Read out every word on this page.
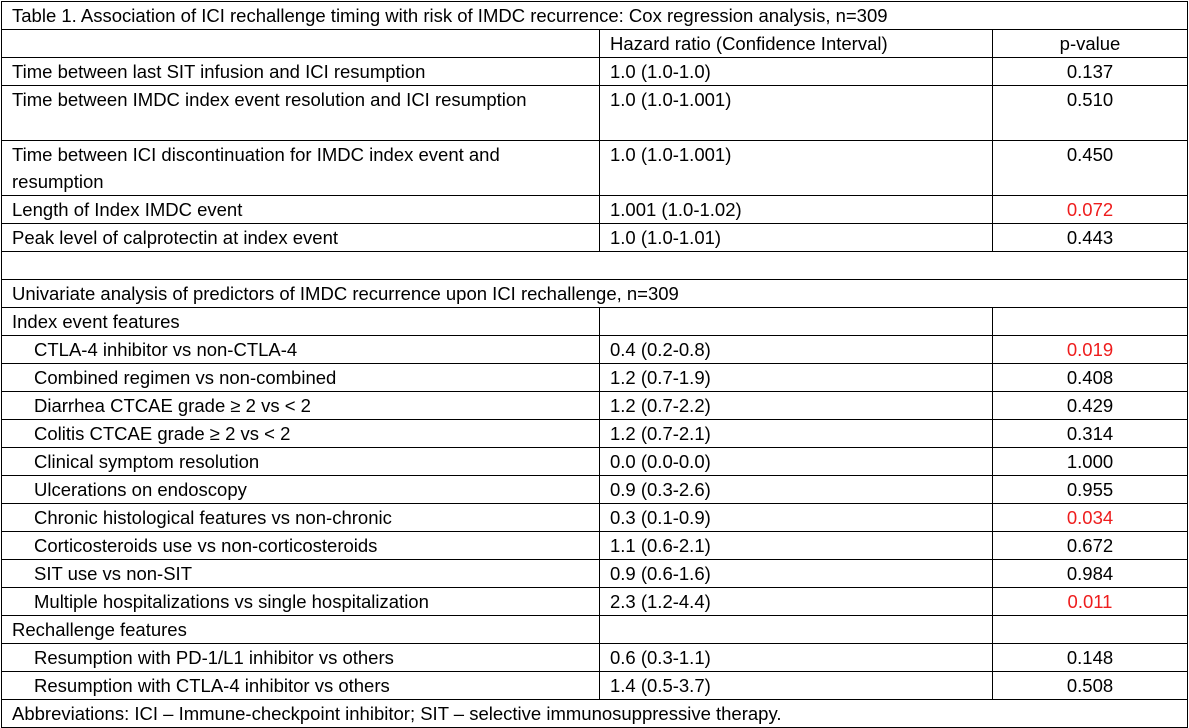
Table 1. Association of ICI rechallenge timing with risk of IMDC recurrence: Cox regression analysis, n=309		
	Hazard ratio (Confidence Interval)	p-value
Time between last SIT infusion and ICI resumption	1.0 (1.0-1.0)	0.137
Time between IMDC index event resolution and ICI resumption	1.0 (1.0-1.001)	0.510
Time between ICI discontinuation for IMDC index event and resumption	1.0 (1.0-1.001)	0.450
Length of Index IMDC event	1.001 (1.0-1.02)	0.072
Peak level of calprotectin at index event	1.0 (1.0-1.01)	0.443

Univariate analysis of predictors of IMDC recurrence upon ICI rechallenge, n=309		
Index event features		
CTLA-4 inhibitor vs non-CTLA-4	0.4 (0.2-0.8)	0.019
Combined regimen vs non-combined	1.2 (0.7-1.9)	0.408
Diarrhea CTCAE grade ≥ 2 vs < 2	1.2 (0.7-2.2)	0.429
Colitis CTCAE grade ≥ 2 vs < 2	1.2 (0.7-2.1)	0.314
Clinical symptom resolution	0.0 (0.0-0.0)	1.000
Ulcerations on endoscopy	0.9 (0.3-2.6)	0.955
Chronic histological features vs non-chronic	0.3 (0.1-0.9)	0.034
Corticosteroids use vs non-corticosteroids	1.1 (0.6-2.1)	0.672
SIT use vs non-SIT	0.9 (0.6-1.6)	0.984
Multiple hospitalizations vs single hospitalization	2.3 (1.2-4.4)	0.011
Rechallenge features		
Resumption with PD-1/L1 inhibitor vs others	0.6 (0.3-1.1)	0.148
Resumption with CTLA-4 inhibitor vs others	1.4 (0.5-3.7)	0.508
Abbreviations: ICI – Immune-checkpoint inhibitor; SIT – selective immunosuppressive therapy.		
